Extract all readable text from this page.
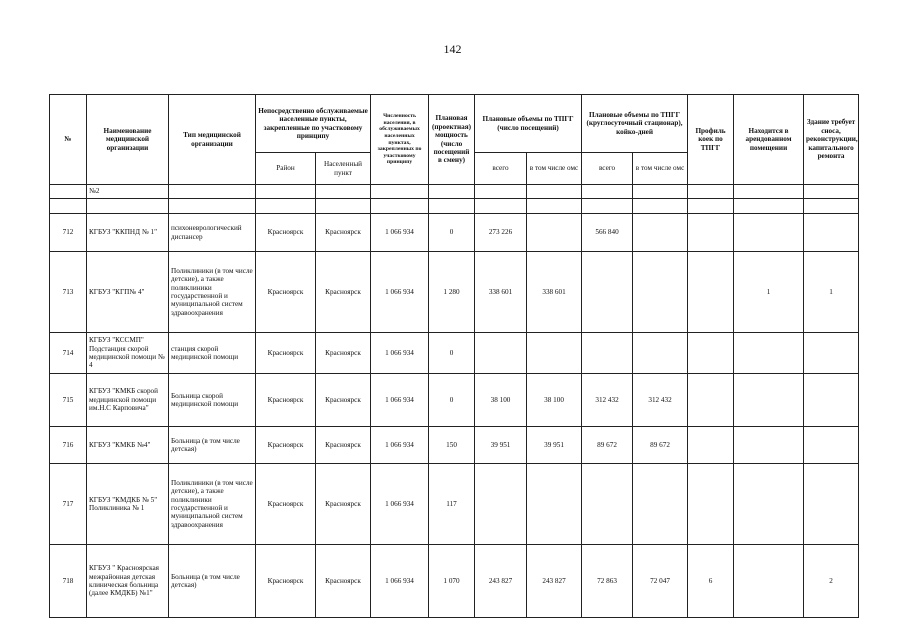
142
№	Наименование медицинской организации	Тип медицинской организации	Непосредственно обслуживаемые населенные пункты, закрепленные по участковому принципу		Численность населения, в обслуживаемых населенных пунктах, закрепленных по участковому принципу	Плановая (проектная) мощность (число посещений в смену)	Плановые объемы по ТПГГ (число посещений)		Плановые объемы по ТПГГ (круглосуточный стационар), койко-дней		Профиль коек по ТПГГ	Находится в арендованном помещении	Здание требует сноса, реконструкции, капитального ремонта
			Район	Населенный пункт			всего	в том числе омс	всего	в том числе омс			
	№2												

712	КГБУЗ "ККПНД № 1"	психоневрологический диспансер	Красноярск	Красноярск	1 066 934	0	273 226		566 840				
713	КГБУЗ "КГП№ 4"	Поликлиники (в том числе детские), а также поликлиники государственной и муниципальной систем здравоохранения	Красноярск	Красноярск	1 066 934	1 280	338 601	338 601				1	1
714	КГБУЗ "КССМП" Подстанция скорой медицинской помощи № 4	станция скорой медицинской помощи	Красноярск	Красноярск	1 066 934	0							
715	КГБУЗ "КМКБ скорой медицинской помощи им.Н.С Карповича"	Больница скорой медицинской помощи	Красноярск	Красноярск	1 066 934	0	38 100	38 100	312 432	312 432			
716	КГБУЗ "КМКБ №4"	Больница (в том числе детская)	Красноярск	Красноярск	1 066 934	150	39 951	39 951	89 672	89 672			
717	КГБУЗ "КМДКБ № 5" Поликлиника № 1	Поликлиники (в том числе детские), а также поликлиники государственной и муниципальной систем здравоохранения	Красноярск	Красноярск	1 066 934	117							
718	КГБУЗ " Красноярская межрайонная детская клиническая больница (далее КМДКБ) №1"	Больница (в том числе детская)	Красноярск	Красноярск	1 066 934	1 070	243 827	243 827	72 863	72 047	6		2
